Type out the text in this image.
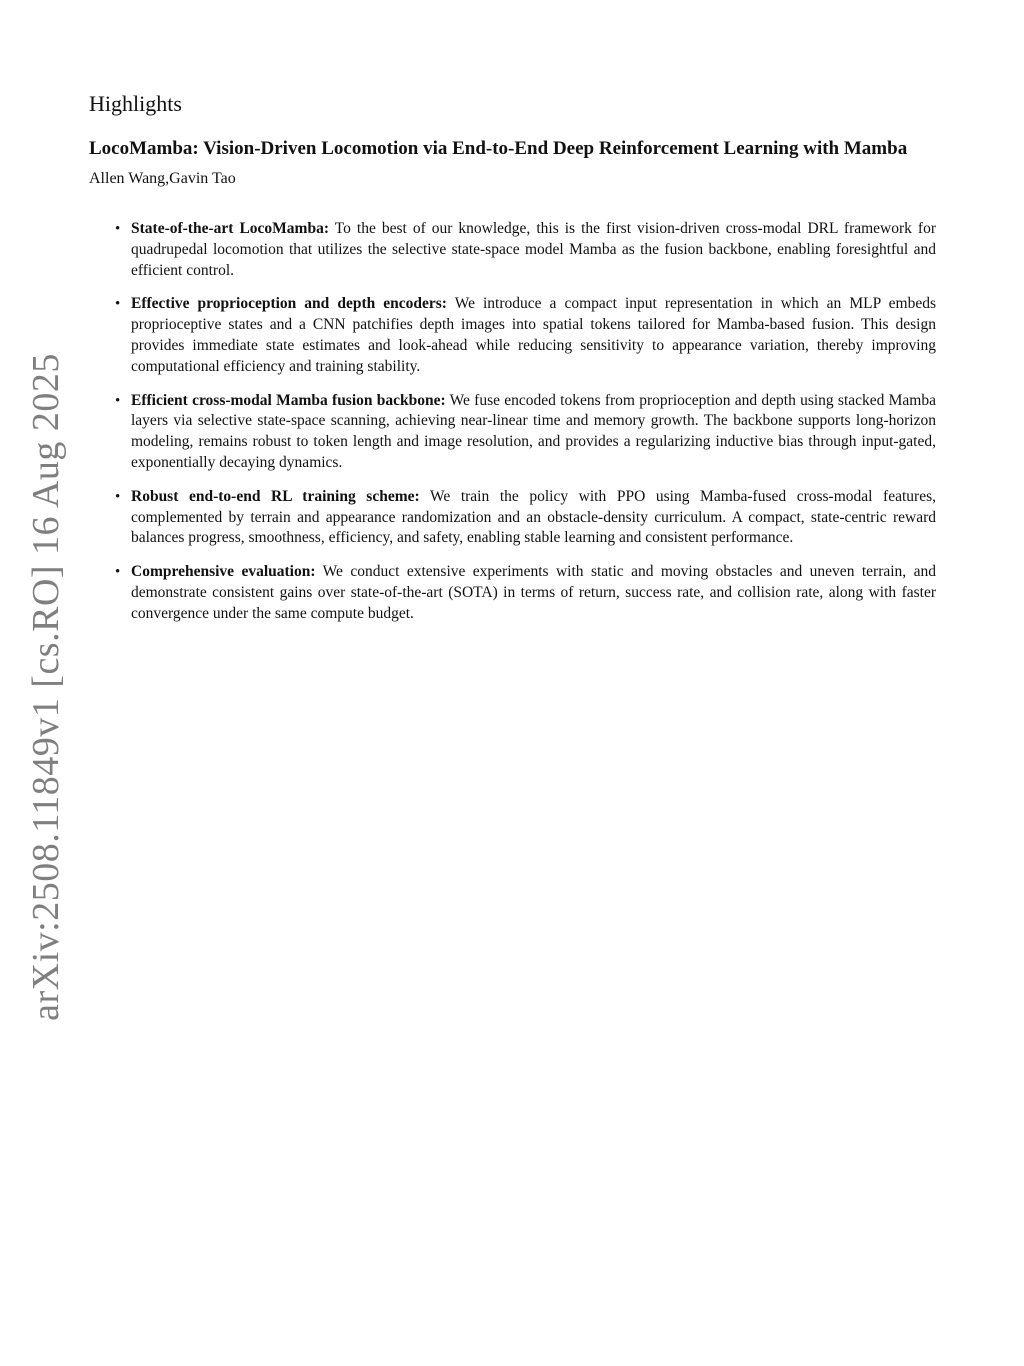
arXiv:2508.11849v1 [cs.RO] 16 Aug 2025
Highlights
LocoMamba: Vision-Driven Locomotion via End-to-End Deep Reinforcement Learning with Mamba
Allen Wang,Gavin Tao
• State-of-the-art LocoMamba: To the best of our knowledge, this is the first vision-driven cross-modal DRL framework for quadrupedal locomotion that utilizes the selective state-space model Mamba as the fusion backbone, enabling foresightful and efficient control.
• Effective proprioception and depth encoders: We introduce a compact input representation in which an MLP embeds proprioceptive states and a CNN patchifies depth images into spatial tokens tailored for Mamba-based fusion. This design provides immediate state estimates and look-ahead while reducing sensitivity to appearance variation, thereby improving computational efficiency and training stability.
• Efficient cross-modal Mamba fusion backbone: We fuse encoded tokens from proprioception and depth using stacked Mamba layers via selective state-space scanning, achieving near-linear time and memory growth. The backbone supports long-horizon modeling, remains robust to token length and image resolution, and provides a regularizing inductive bias through input-gated, exponentially decaying dynamics.
• Robust end-to-end RL training scheme: We train the policy with PPO using Mamba-fused cross-modal features, complemented by terrain and appearance randomization and an obstacle-density curriculum. A compact, state-centric reward balances progress, smoothness, efficiency, and safety, enabling stable learning and consistent performance.
• Comprehensive evaluation: We conduct extensive experiments with static and moving obstacles and uneven terrain, and demonstrate consistent gains over state-of-the-art (SOTA) in terms of return, success rate, and collision rate, along with faster convergence under the same compute budget.
